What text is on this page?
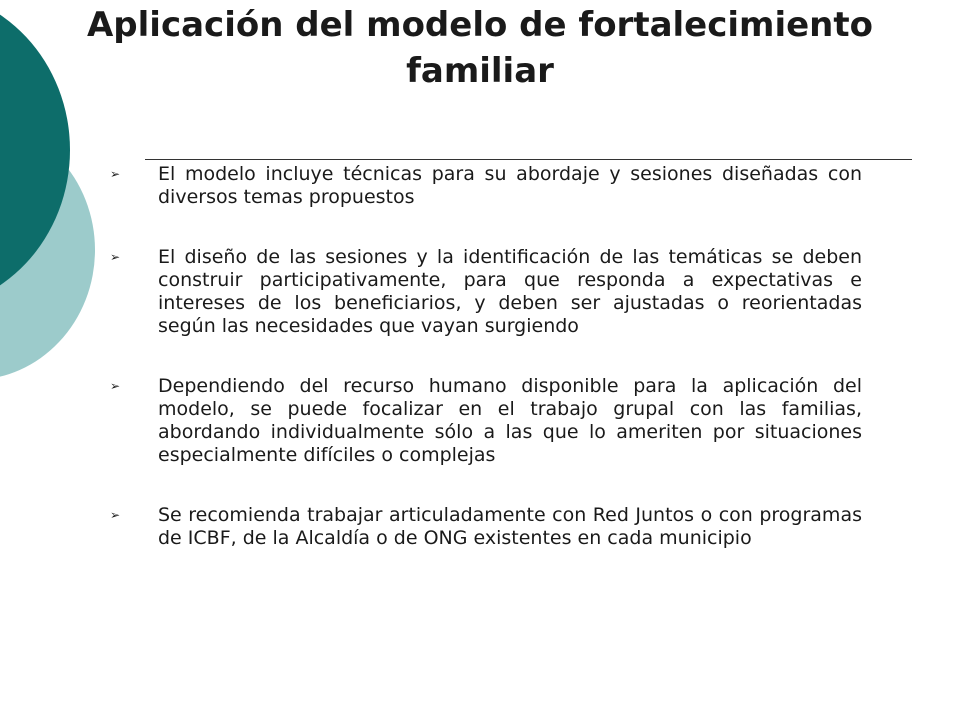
Aplicación del modelo de fortalecimiento familiar
➢ El modelo incluye técnicas para su abordaje y sesiones diseñadas con diversos temas propuestos
➢ El diseño de las sesiones y la identificación de las temáticas se deben construir participativamente, para que responda a expectativas e intereses de los beneficiarios, y deben ser ajustadas o reorientadas según las necesidades que vayan surgiendo
➢ Dependiendo del recurso humano disponible para la aplicación del modelo, se puede focalizar en el trabajo grupal con las familias, abordando individualmente sólo a las que lo ameriten por situaciones especialmente difíciles o complejas
➢ Se recomienda trabajar articuladamente con Red Juntos o con programas de ICBF, de la Alcaldía o de ONG existentes en cada municipio
